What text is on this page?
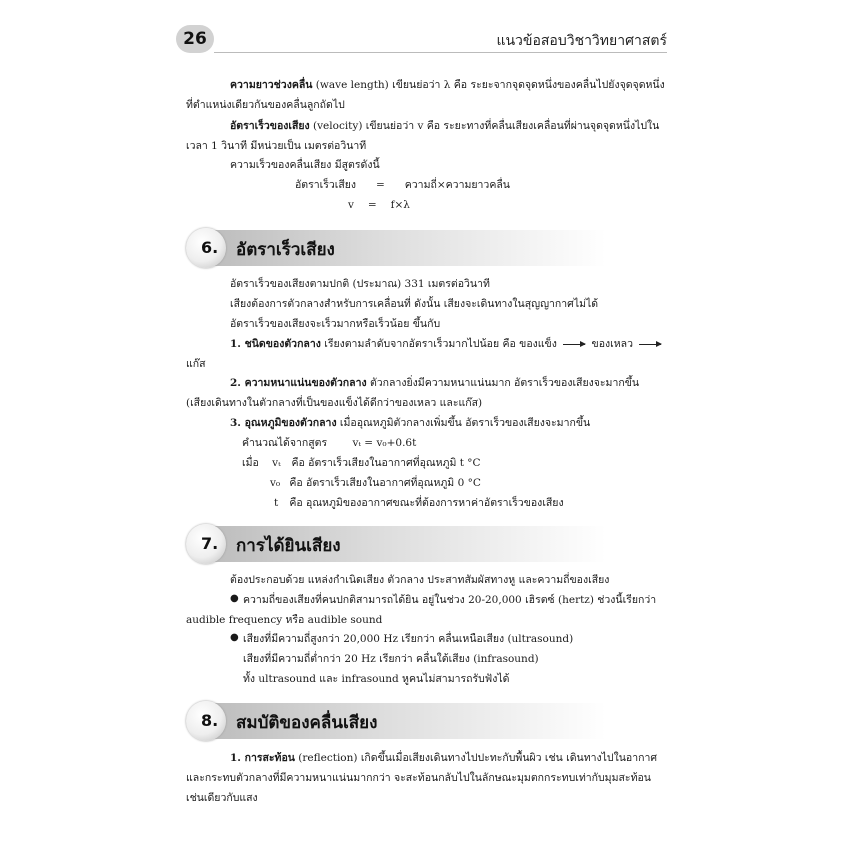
26	แนวข้อสอบวิชาวิทยาศาสตร์
ความยาวช่วงคลื่น (wave length) เขียนย่อว่า λ คือ ระยะจากจุดจุดหนึ่งของคลื่นไปยังจุดจุดหนึ่ง
ที่ตำแหน่งเดียวกันของคลื่นลูกถัดไป
อัตราเร็วของเสียง (velocity) เขียนย่อว่า v คือ ระยะทางที่คลื่นเสียงเคลื่อนที่ผ่านจุดจุดหนึ่งไปใน
เวลา 1 วินาที มีหน่วยเป็น เมตรต่อวินาที
ความเร็วของคลื่นเสียง มีสูตรดังนี้
อัตราเร็วเสียง = ความถี่×ความยาวคลื่น
v = f×λ
6. อัตราเร็วเสียง
อัตราเร็วของเสียงตามปกติ (ประมาณ) 331 เมตรต่อวินาที
เสียงต้องการตัวกลางสำหรับการเคลื่อนที่ ดังนั้น เสียงจะเดินทางในสุญญากาศไม่ได้
อัตราเร็วของเสียงจะเร็วมากหรือเร็วน้อย ขึ้นกับ
1. ชนิดของตัวกลาง เรียงตามลำดับจากอัตราเร็วมากไปน้อย คือ ของแข็ง	ของเหลว
แก๊ส
2. ความหนาแน่นของตัวกลาง ตัวกลางยิ่งมีความหนาแน่นมาก อัตราเร็วของเสียงจะมากขึ้น
(เสียงเดินทางในตัวกลางที่เป็นของแข็งได้ดีกว่าของเหลว และแก๊ส)
3. อุณหภูมิของตัวกลาง เมื่ออุณหภูมิตัวกลางเพิ่มขึ้น อัตราเร็วของเสียงจะมากขึ้น
คำนวณได้จากสูตร vₜ = v₀+0.6t
เมื่อ vₜ คือ อัตราเร็วเสียงในอากาศที่อุณหภูมิ t °C
v₀ คือ อัตราเร็วเสียงในอากาศที่อุณหภูมิ 0 °C
t คือ อุณหภูมิของอากาศขณะที่ต้องการหาค่าอัตราเร็วของเสียง
7. การได้ยินเสียง
ต้องประกอบด้วย แหล่งกำเนิดเสียง ตัวกลาง ประสาทสัมผัสทางหู และความถี่ของเสียง
● ความถี่ของเสียงที่คนปกติสามารถได้ยิน อยู่ในช่วง 20-20,000 เฮิรตซ์ (hertz) ช่วงนี้เรียกว่า
audible frequency หรือ audible sound
● เสียงที่มีความถี่สูงกว่า 20,000 Hz เรียกว่า คลื่นเหนือเสียง (ultrasound)
เสียงที่มีความถี่ต่ำกว่า 20 Hz เรียกว่า คลื่นใต้เสียง (infrasound)
ทั้ง ultrasound และ infrasound หูคนไม่สามารถรับฟังได้
8. สมบัติของคลื่นเสียง
1. การสะท้อน (reflection) เกิดขึ้นเมื่อเสียงเดินทางไปปะทะกับพื้นผิว เช่น เดินทางไปในอากาศ
และกระทบตัวกลางที่มีความหนาแน่นมากกว่า จะสะท้อนกลับไปในลักษณะมุมตกกระทบเท่ากับมุมสะท้อน
เช่นเดียวกับแสง
